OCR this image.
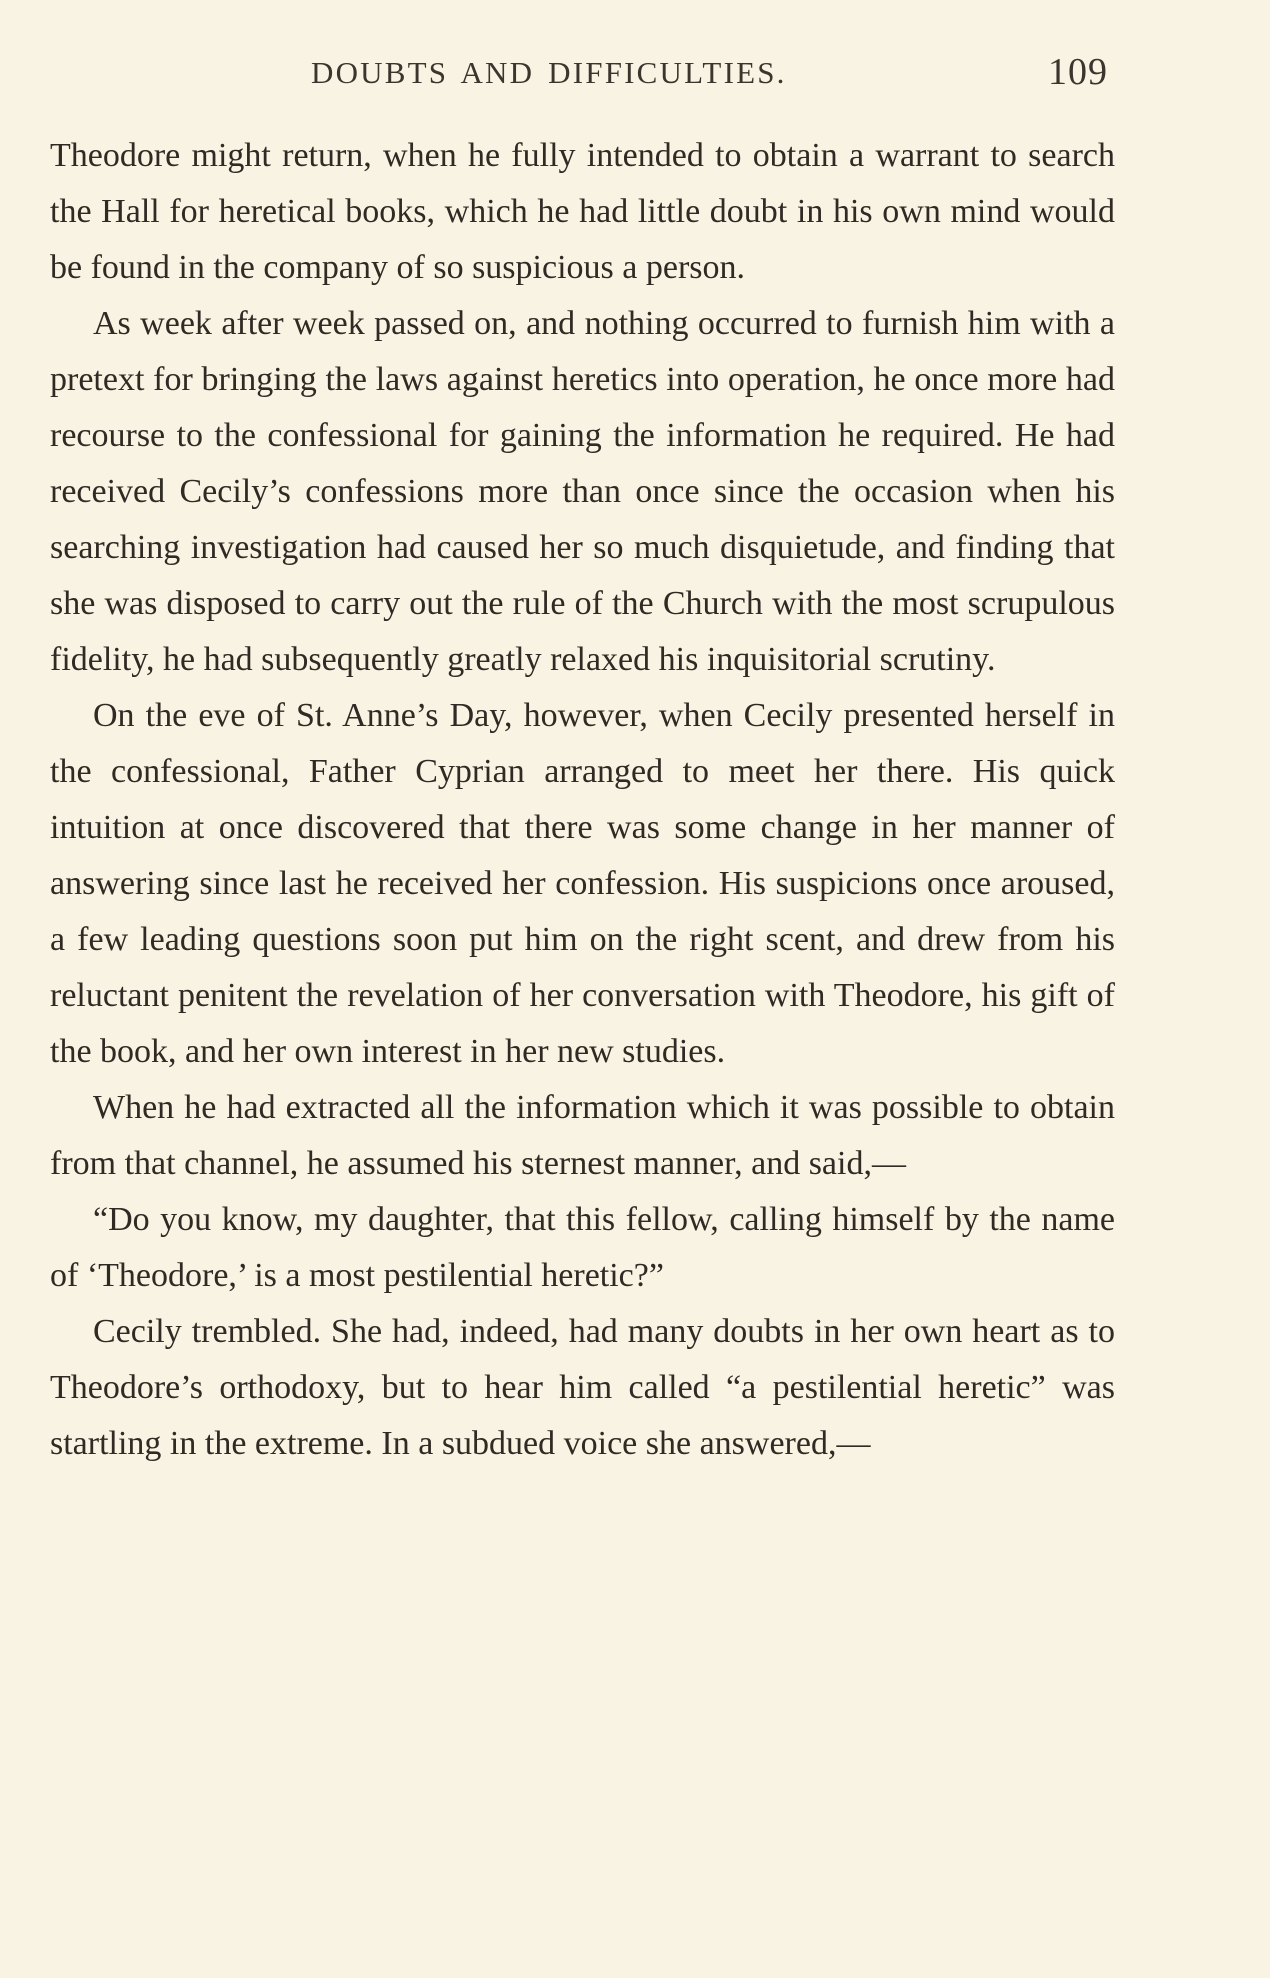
DOUBTS AND DIFFICULTIES.	109

Theodore might return, when he fully intended to obtain a warrant to search the Hall for heretical books, which he had little doubt in his own mind would be found in the company of so suspicious a person.

As week after week passed on, and nothing occurred to furnish him with a pretext for bringing the laws against heretics into operation, he once more had recourse to the confessional for gaining the information he required. He had received Cecily’s confessions more than once since the occasion when his searching investigation had caused her so much disquietude, and finding that she was disposed to carry out the rule of the Church with the most scrupulous fidelity, he had subsequently greatly relaxed his inquisitorial scrutiny.

On the eve of St. Anne’s Day, however, when Cecily presented herself in the confessional, Father Cyprian arranged to meet her there. His quick intuition at once discovered that there was some change in her manner of answering since last he received her confession. His suspicions once aroused, a few leading questions soon put him on the right scent, and drew from his reluctant penitent the revelation of her conversation with Theodore, his gift of the book, and her own interest in her new studies.

When he had extracted all the information which it was possible to obtain from that channel, he assumed his sternest manner, and said,—

“Do you know, my daughter, that this fellow, calling himself by the name of ‘Theodore,’ is a most pestilential heretic?”

Cecily trembled. She had, indeed, had many doubts in her own heart as to Theodore’s orthodoxy, but to hear him called “a pestilential heretic” was startling in the extreme. In a subdued voice she answered,—
